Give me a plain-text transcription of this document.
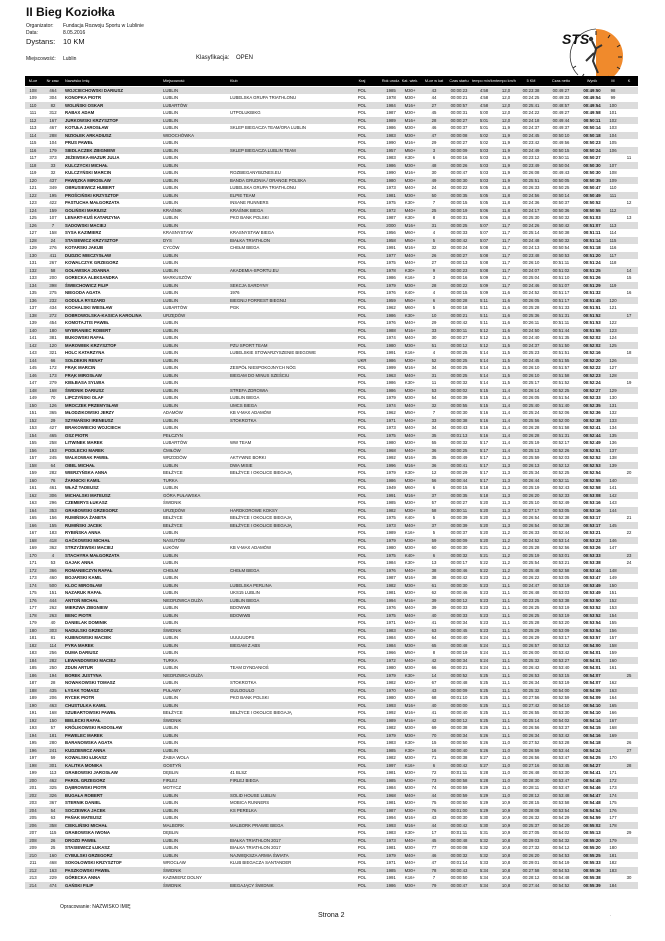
II Bieg Koziołka
Organizator: Fundacja Rozwoju Sportu w Lublinie
Data:	8.05.2016
Dystans: 10 KM
Miejscowość: Lublin	Klasyfikacja: OPEN
STS
M-ce	Nr zaw.	Nazwisko Imię	Miejscowość	Klub	Kraj	Rok urodz. Kat. wiek.	M-ce w kat	Czas startu tempo min/km tempo km/h	5 KM	Czas netto	Wynik	M	K
108	464 WOJCIECHOWSKI DARIUSZ	LUBLIN	POL	1985 M30+	43	00:00:23	4:58	12,0	00:23:38	00:49:27	00:49:50 98
109	304 KONOPKA PIOTR	LUBLIN	LUBELSKA GRUPA TRIATHLONU	POL	1978 M30+	44	00:00:21	4:58	12,0	00:24:25	00:49:33	00:49:54 99
110	82 WOLIŃSKI OSKAR	LUBARTÓW	POL	1984 M16+	27	00:00:57	4:58	12,0	00:25:41	00:48:57	00:49:54 100
111	312 RABAX ADAM	LUBLIN	UTPOLUKBIKG	POL	1987 M30+	45	00:00:31	5:00	12,0	00:24:22	00:49:27	00:49:58 101
112	167 JURKOWSKI KRZYSZTOF	LUBLIN	POL	1989 M16+	28	00:00:27	5:01	12,0	00:24:18	00:49:44	00:50:11 102
113	467 KOTUŁA JAROSŁAW	LUBLIN	SKLEP BIEGACZA TEAM/ORA LUBLIN	POL	1986 M30+	46	00:00:37	5:01	11,9	00:24:37	00:49:37	00:50:14 103
114	288 NIZIOŁEK ARKADIUSZ	WIDOCHÓWKA	POL	1983 M30+	47	00:00:08	5:02	11,9	00:24:45	00:50:10	00:50:18 104
115	104 PRUS PAWEŁ	LUBLIN	POL	1990 M16+	29	00:00:27	5:02	11,9	00:23:42	00:49:56	00:50:23 105
116	179 SIEDLACZEK ZBIGNIEW	LUBLIN	SKLEP BIEGACZA LUBLIN TEAM	POL	1957 M50+	3	00:00:09	5:03	11,9	00:24:49	00:50:15	00:50:24 106
117	373 JEŻEWSKA-MAZUR JULIA	LUBLIN	POL	1983 K30+	6	00:00:16	5:03	11,9	00:23:12	00:50:11	00:50:27	11
118	33 KULCZYCKI MICHAŁ	LUBLIN	POL	1986 M30+	48	00:00:26	5:03	11,9	00:23:49	00:50:04	00:50:30 107
119	32 KULCZYŃSKI MARCIN	LUBLIN	ROZBIEGANYBIZNES.EU	POL	1990 M16+	30	00:00:47	5:03	11,9	00:26:08	00:49:43	00:50:30 108
120	437 PAWĘZKA MIROSŁAW	LUBLIN	BANDA GRUDNIA / ORANGE POLSKA	POL	1980 M30+	49	00:00:30	5:03	11,9	00:25:51	00:50:05	00:50:35 109
121	349 OBRUSIEWICZ HUBERT	LUBLIN	LUBELSKA GRUPA TRIATHLONU	POL	1973 M40+	24	00:00:22	5:05	11,8	00:26:33	00:50:25	00:50:47 110
122	195 PROŚCIŃSKI KRZYSZTOF	LUBLIN	ELPIE TEAM	POL	1981 M30+	50	00:00:35	5:05	11,8	00:24:56	00:50:14	00:50:49 111
123	422 PASTUCHA MAŁGORZATA	LUBLIN	INSANE RUNNERS	POL	1975 K30+	7	00:00:15	5:05	11,8	00:24:36	00:50:37	00:50:52	12
124	159 GOLIŃSKI MARIUSZ	KRAŚNIK	KRAŚNIK BIEGA	POL	1972 M40+	25	00:00:19	5:06	11,8	00:24:17	00:50:36	00:50:55 112
125	107 LENART-KUŚ KATARZYNA	LUBLIN	PKO BANK POLSKI	POL	1987 K30+	8	00:00:31	5:06	11,8	00:25:30	00:50:32	00:51:03	13
126	7	SADOWSKI MACIEJ	LUBLIN	POL	2000 M16+	31	00:00:25	5:07	11,7	00:24:26	00:50:42	00:51:07 113
127	158 SYSA KAZIMIERZ	KRASNYSTAW	KRASNYSTAW BIEGA	POL	1956 M60+	4	00:00:33	5:07	11,7	00:25:14	00:50:38	00:51:11 114
128	24 STASIEWICZ KRZYSZTOF	DYS	BIAŁKA TRIATHLON	POL	1958 M50+	5	00:00:42	5:07	11,7	00:24:48	00:50:32	00:51:14 115
129	276 KOTARSKI JAKUB	CYCÓW	CHEŁM BIEGA	POL	1991 M16+	32	00:00:24	5:08	11,7	00:24:13	00:50:54	00:51:18 116
130	411 DUDZIC MIECZYSŁAW	LUBLIN	POL	1977 M40+	26	00:00:27	5:08	11,7	00:23:48	00:50:53	00:51:20 117
131	267 KOWALCZYK GRZEGORZ	LUBLIN	POL	1975 M40+	27	00:00:13	5:08	11,7	00:26:10	00:51:11	00:51:24 118
132	58 GOŁAWSKA JOANNA	LUBLIN	AKADEMIA-SPORTU.EU	POL	1978 K30+	9	00:00:23	5:08	11,7	00:24:07	00:51:02	00:51:25	14
133	200 GORECKA ALEKSANDRA	MARKUSZÓW	POL	1986 K16+	3	00:00:16	5:09	11,7	00:25:04	00:51:10	00:51:26	15
134	398 ŚWIECHOWICZ FILIP	LUBLIN	SEKCJA SARDYNY	POL	1979 M30+	28	00:00:22	5:09	11,7	00:24:46	00:51:07	00:51:29 119
135	275 NIEGODA AGATA	LUBLIN	1976	POL	1976 K40+	4	00:00:15	5:09	11,6	00:24:52	00:51:17	00:51:32	16
136	232 GODULA RYSZARD	LUBLIN	BIEGNIJ FORREST BIEGNIJ	POL	1959 M50+	6	00:00:28	5:11	11,6	00:26:05	00:51:17	00:51:45 120
137	434 KOCHALSKI WIESŁAW	LUBARTÓW	PGK	POL	1962 M60+	5	00:00:18	5:11	11,6	00:25:28	00:51:33	00:51:51 121
138	272 DOBROWOLSKA-KASICA KAROLINA	URZĘDÓW	POL	1986 K30+	10	00:00:21	5:11	11,6	00:25:36	00:51:31	00:51:52	17
139	454 KOMOTAJTIS PAWEŁ	LUBLIN	POL	1976 M40+	29	00:00:42	5:11	11,6	00:26:11	00:51:11	00:51:53 122
140	180 WYBRANIEC ROBERT	LUBLIN	POL	1988 M16+	33	00:00:11	5:12	11,6	00:24:50	00:51:44	00:51:55 123
141	381 BUKOWSKI RAFAŁ	LUBLIN	POL	1974 M40+	30	00:00:27	5:12	11,5	00:24:40	00:51:35	00:52:02 124
142	120 MAROWIEK KRZYSZTOF	LUBLIN	PZU SPORT TEAM	POL	1980 M30+	51	00:00:12	5:12	11,5	00:24:37	00:51:50	00:52:02 125
143	321 HOLC KATARZYNA	LUBLIN	LUBELSKIE STOWARZYSZENIE BIEGOWE	POL	1991 K16+	4	00:00:25	5:14	11,5	00:25:23	00:51:51	00:52:16	18
144	66 SOŁDEKIN RENAT	LUBLIN	UKR	1986 M30+	52	00:00:25	5:14	11,5	00:24:45	00:51:55	00:52:20 126
145	172 FRĄK MARCIN	LUBLIN	ZESPÓŁ NIESPOKOJNYCH NÓG	POL	1999 M16+	34	00:00:25	5:14	11,5	00:26:10	00:51:57	00:52:22 127
146	173 FRĄK MIROSŁAW	LUBLIN	BIEGAM DO MINUS SZEŚCIU	POL	1963 M40+	31	00:00:25	5:14	11,5	00:26:10	00:51:58	00:52:23 128
147	279 KIEŁBASA SYLWIA	LUBLIN	POL	1986 K30+	11	00:00:32	5:14	11,5	00:25:17	00:51:52	00:52:24	19
148	168 ŚWIDNIK DARIUSZ	LUBLIN	STREFA ZDROWIA	POL	1986 M30+	53	00:00:02	5:15	11,4	00:26:14	00:52:25	00:52:27 129
149	70 LIPCZYŃSKI OLAF	LUBLIN	LUBLIN BIEGA	POL	1979 M30+	54	00:00:39	5:15	11,4	00:26:05	00:51:54	00:52:33 130
150	126 MROCZEK PRZEMYSŁAW	LUBLIN	UMCS BIEGA	POL	1974 M40+	32	00:00:55	5:15	11,4	00:25:40	00:51:40	00:52:35 131
151	365 MŁODZIKOWSKI JERZY	ADAMÓW	KB V-MAX ADAMÓW	POL	1962 M50+	7	00:00:30	5:16	11,4	00:25:24	00:52:06	00:52:36 132
152	29 SZYMAŃSKI IRENEUSZ	LUBLIN	STOKROTKA	POL	1971 M40+	33	00:00:38	5:16	11,4	00:25:56	00:52:00	00:52:38 133
153	427 BRAKOWIECKI WOJCIECH	LUBLIN	POL	1973 M40+	34	00:00:43	5:16	11,4	00:26:28	00:51:58	00:52:41 134
154	465 OSZ PIOTR	PEŁCZYN	POL	1975 M40+	35	00:01:13	5:16	11,4	00:26:28	00:51:31	00:52:44 135
155	258 LITWINEK MAREK	LUBARTÓW	WW TEAM	POL	1980 M30+	55	00:00:32	5:17	11,4	00:25:19	00:52:17	00:52:49 136
156	193 PODLECKI MAREK	ĆMIŁÓW	POL	1968 M40+	36	00:00:25	5:17	11,4	00:25:13	00:52:26	00:52:51 137
157	245 WALKOWIAK PAWEŁ	WRZODÓW	AKTYWNE BORKI	POL	1992 M16+	35	00:00:49	5:17	11,3	00:25:59	00:52:03	00:52:52 138
158	64 OBEL MICHAŁ	LUBLIN	DWA MISIE	POL	1996 M16+	36	00:00:41	5:17	11,3	00:26:13	00:52:12	00:52:53 139
159	282 WIERZYŃSKA ANNA	BEŁŻYCE	BEŁŻYCE I OKOLICE BIEGAJĄ	POL	1979 K30+	12	00:00:29	5:17	11,3	00:25:34	00:52:25	00:52:54	20
160	76 ŻARNICKI KAMIL	TURKA	POL	1986 M30+	56	00:00:44	5:17	11,3	00:26:44	00:52:11	00:52:55 140
161	461 WŁAŻ TADEUSZ	LUBLIN	POL	1949 M60+	6	00:00:15	5:18	11,3	00:25:19	00:52:43	00:52:58 141
162	306 MICHALSKI MATEUSZ	GÓRA PUŁAWSKA	POL	1991 M16+	37	00:00:35	5:18	11,3	00:26:20	00:52:33	00:53:08 142
163	296 CZEMERYS ŁUKASZ	ŚWIDNIK	POL	1985 M30+	57	00:00:27	5:20	11,3	00:25:10	00:52:49	00:53:16 143
164	353 GRABOWSKI GRZEGORZ	URZĘDÓW	HARDKOROWE KOKSY	POL	1982 M30+	58	00:00:11	5:20	11,3	00:27:17	00:53:05	00:53:16 144
165	156 RUMIŃSKA ŻANETA	BEŁŻYCE	BEŁŻYCE I OKOLICE BIEGAJĄ	POL	1975 K40+	5	00:00:39	5:20	11,3	00:26:54	00:52:38	00:53:17	21
166	155 RUMIŃSKI JACEK	BEŁŻYCE	BEŁŻYCE I OKOLICE BIEGAJĄ	POL	1973 M40+	37	00:00:39	5:20	11,3	00:26:54	00:52:38	00:53:17 145
167	183 RYBIŃSKA ANNA	LUBLIN	POL	1989 K16+	5	00:00:37	5:20	11,2	00:26:33	00:52:44	00:53:21	22
168	418 GAĆKOWSKI MICHAŁ	NASUTÓW	POL	1979 M30+	59	00:00:09	5:20	11,2	00:24:52	00:53:14	00:53:23 146
169	362 STRZYŻEWSKI MACIEJ	ŁUKÓW	KB V-MAX ADAMÓW	POL	1980 M30+	60	00:00:30	5:21	11,2	00:25:28	00:52:56	00:53:26 147
170	4	STACHYRA MAŁGORZATA	LUBLIN	POL	1975 K40+	6	00:00:32	5:21	11,2	00:25:19	00:53:01	00:53:33	23
171	53 GAJAK ANNA	LUBLIN	POL	1984 K30+	13	00:00:17	5:22	11,2	00:25:54	00:53:21	00:53:38	24
172	366 ROMANIECZYN RAFAŁ	CHEŁM	CHEŁM BIEGA	POL	1976 M40+	38	00:00:46	5:22	11,2	00:25:48	00:52:58	00:53:44 148
173	460 BOJARSKI KAMIL	LUBLIN	POL	1987 M16+	38	00:00:42	5:23	11,2	00:26:22	00:53:05	00:53:47 149
174	500 KLOC MIROSŁAW	LUBLIN	LUBELSKA PERLINA	POL	1982 M30+	61	00:00:30	5:23	11,1	00:24:47	00:53:19	00:53:49 150
175	151 NAZARUK RAFAŁ	LUBLIN	UKS15 LUBLIN	POL	1981 M30+	62	00:00:46	5:23	11,1	00:26:48	00:53:03	00:53:49 151
176	444 ANTOŃ MICHAŁ	NIEDRZWICA DUŻA	LUBLIN BIEGA	POL	1994 M16+	39	00:00:12	5:23	11,1	00:23:25	00:53:38	00:53:50 152
177	262 MIERZWA ZBIGNIEW	LUBLIN	BDOWWB	POL	1976 M40+	39	00:00:33	5:23	11,1	00:26:25	00:53:19	00:53:52 153
178	263 BENC PIOTR	LUBLIN	BDOWWB	POL	1975 M40+	40	00:00:33	5:23	11,1	00:26:25	00:53:19	00:53:52 154
179	40 DANIELAK DOMINIK	LUBLIN	POL	1971 M40+	41	00:00:34	5:23	11,1	00:25:28	00:53:20	00:53:54 155
180	303 NADULSKI GRZEGORZ	ŚWIDNIK	POL	1983 M30+	63	00:00:45	5:23	11,1	00:25:29	00:53:09	00:53:54 156
181	81 KUBINOWSKI MACIEK	LUBLIN	UUUUUDPS	POL	1984 M30+	64	00:00:40	5:24	11,1	00:26:29	00:53:17	00:53:57 157
182	114 PYRA MAREK	LUBLIN	BIEGAM Z ABS	POL	1984 M30+	65	00:00:48	5:24	11,1	00:26:57	00:53:12	00:54:00 158
183	256 DUMA DARIUSZ	LUBLIN	POL	1966 M50+	8	00:00:19	5:24	11,1	00:26:00	00:53:42	00:54:01 159
184	282 LEWANDOWSKI MACIEJ	TURKA	POL	1972 M40+	42	00:00:34	5:24	11,1	00:25:32	00:53:27	00:54:01 160
185	250 ZDUN ARTUR	LUBLIN	TEAM DYNDANIOŚ	POL	1980 M30+	66	00:00:21	5:24	11,1	00:26:42	00:53:40	00:54:01 161
186	194 BOREK JUSTYNA	NIEDRZWICA DUŻA	POL	1979 K30+	14	00:00:52	5:25	11,1	00:26:53	00:53:15	00:54:07	25
187	28 NOWAKOWSKI TOMASZ	LUBLIN	STOKROTKA	POL	1982 M30+	67	00:00:48	5:25	11,1	00:26:34	00:53:19	00:54:07 162
188	435 ŁYSAK TOMASZ	PUŁAWY	GULOGULO	POL	1970 M40+	43	00:00:09	5:25	11,1	00:25:32	00:54:00	00:54:09 163
189	206 RYCEK PIOTR	LUBLIN	PKO BANK POLSKI	POL	1980 M30+	68	00:01:10	5:25	11,1	00:27:56	00:52:59	00:54:09 164
190	463 CHUSTULKA KAMIL	LUBLIN	POL	1993 M16+	40	00:00:00	5:25	11,1	00:27:42	00:54:10	00:54:10 165
191	168 SZUBARTOWSKI PAWEŁ	BEŁŻYCE	BEŁŻYCE I OKOLICE BIEGAJĄ	POL	1992 M16+	41	00:00:40	5:25	11,1	00:26:55	00:53:30	00:54:10 166
192	150 BIELECKI RAFAŁ	ŚWIDNIK	POL	1989 M16+	42	00:00:12	5:25	11,1	00:25:14	00:54:02	00:54:14 167
193	57 KRÓLIKOWSKI RADOSŁAW	LUBLIN	POL	1982 M30+	69	00:00:38	5:26	11,1	00:26:56	00:53:37	00:54:15 168
194	181 PAWELEC MAREK	LUBLIN	POL	1979 M30+	70	00:00:34	5:26	11,1	00:26:34	00:53:42	00:54:16 169
195	280 BARANOWSKA AGATA	LUBLIN	POL	1983 K30+	15	00:00:50	5:26	11,0	00:27:52	00:53:28	00:54:18	26
196	241 KUDZIEWICZ ANNA	LUBLIN	POL	1985 K30+	16	00:00:40	5:26	11,0	00:26:59	00:53:44	00:54:24	27
197	59 KOWALSKI ŁUKASZ	ŻABIA WOLA	POL	1982 M30+	71	00:00:38	5:27	11,0	00:26:56	00:53:47	00:54:25 170
198	301 KALITKA MONIKA	GOSTYŃ	POL	1997 K16+	6	00:00:42	5:27	11,0	00:27:16	00:53:45	00:54:27	28
199	113 GRABOWSKI JAROSŁAW	DĘBLIN	41 BLSZ	POL	1981 M30+	72	00:01:11	5:28	11,0	00:26:48	00:53:30	00:54:41 171
200	462 PAROL GRZEGORZ	FIRLEJ	FIRLEJ BIEGA	POL	1985 M30+	73	00:00:58	5:28	11,0	00:28:30	00:53:47	00:54:45 172
201	325 DĄBROWSKI PIOTR	MOTYCZ	POL	1984 M30+	74	00:00:59	5:29	11,0	00:28:11	00:53:47	00:54:46 173
202	326 BUGAŁA ROBERT	LUBLIN	SOLID HOUSE LUBLIN	POL	1968 M40+	44	00:00:59	5:29	11,0	00:28:12	00:53:48	00:54:47 174
203	367 STERNIK DANIEL	LUBLIN	MOBICA RUNNERS	POL	1981 M30+	75	00:00:50	5:29	10,9	00:28:15	00:53:58	00:54:48 175
204	54 SOCZEWKA JACEK	LUBLIN	KS PERELKA	POL	1987 M30+	76	00:01:00	5:29	10,9	00:28:08	00:53:54	00:54:54 176
205	63 PAŃAK MATEUSZ	LUBLIN	POL	1994 M16+	43	00:00:30	5:30	10,9	00:26:32	00:54:29	00:54:59 177
206	358 CIEKLIŃSKI MICHAŁ	MALBORK	MALBORK PRAWIE BIEGA	POL	1993 M16+	44	00:00:42	5:30	10,9	00:25:37	00:54:20	00:55:02 178
207	115 GRABOWSKA IWONA	DĘBLIN	POL	1983 K30+	17	00:01:11	5:31	10,9	00:27:05	00:54:02	00:55:13	29
208	26 DROZD PAWEŁ	LUBLIN	BIAŁKA TRIATHLON 2017	POL	1973 M40+	45	00:00:48	5:32	10,8	00:29:03	00:54:32	00:55:20 179
209	25 STASIEWICZ ŁUKASZ	LUBLIN	BIAŁKA TRIATHLON 2017	POL	1981 M30+	77	00:00:08	5:32	10,8	00:27:32	00:54:12	00:55:20 180
210	160 CYBULSKI GRZEGORZ	LUBLIN	NAJWIĘKSZA ARMIA ŚWIATA	POL	1979 M40+	46	00:00:32	5:32	10,8	00:26:20	00:54:53	00:55:25 181
211	468 SOKOŁOWSKI KRZYSZTOF	WROCŁAW	KLUB BIEGACZA SANTANDER	POL	1971 M40+	47	00:01:14	5:33	10,8	00:29:01	00:54:19	00:55:33 182
212	163 PASZKOWSKI PAWEŁ	ŚWIDNIK	POL	1985 M30+	78	00:00:43	5:34	10,8	00:27:58	00:54:53	00:55:36 183
213	229 GÓRECKA ANNA	KAZIMIERZ DOLNY	POL	1991 K16+	7	00:00:50	5:34	10,8	00:28:12	00:54:48	00:55:38	30
214	474 GAŃSKI FILIP	ŚWIDNIK	BIEGAJĄCY ŚWIDNIK	POL	1986 M30+	79	00:00:47	5:34	10,8	00:27:44	00:54:52	00:55:39 184
Opracowanie: NAZWISKO IMIĘ
Strona 2	.
